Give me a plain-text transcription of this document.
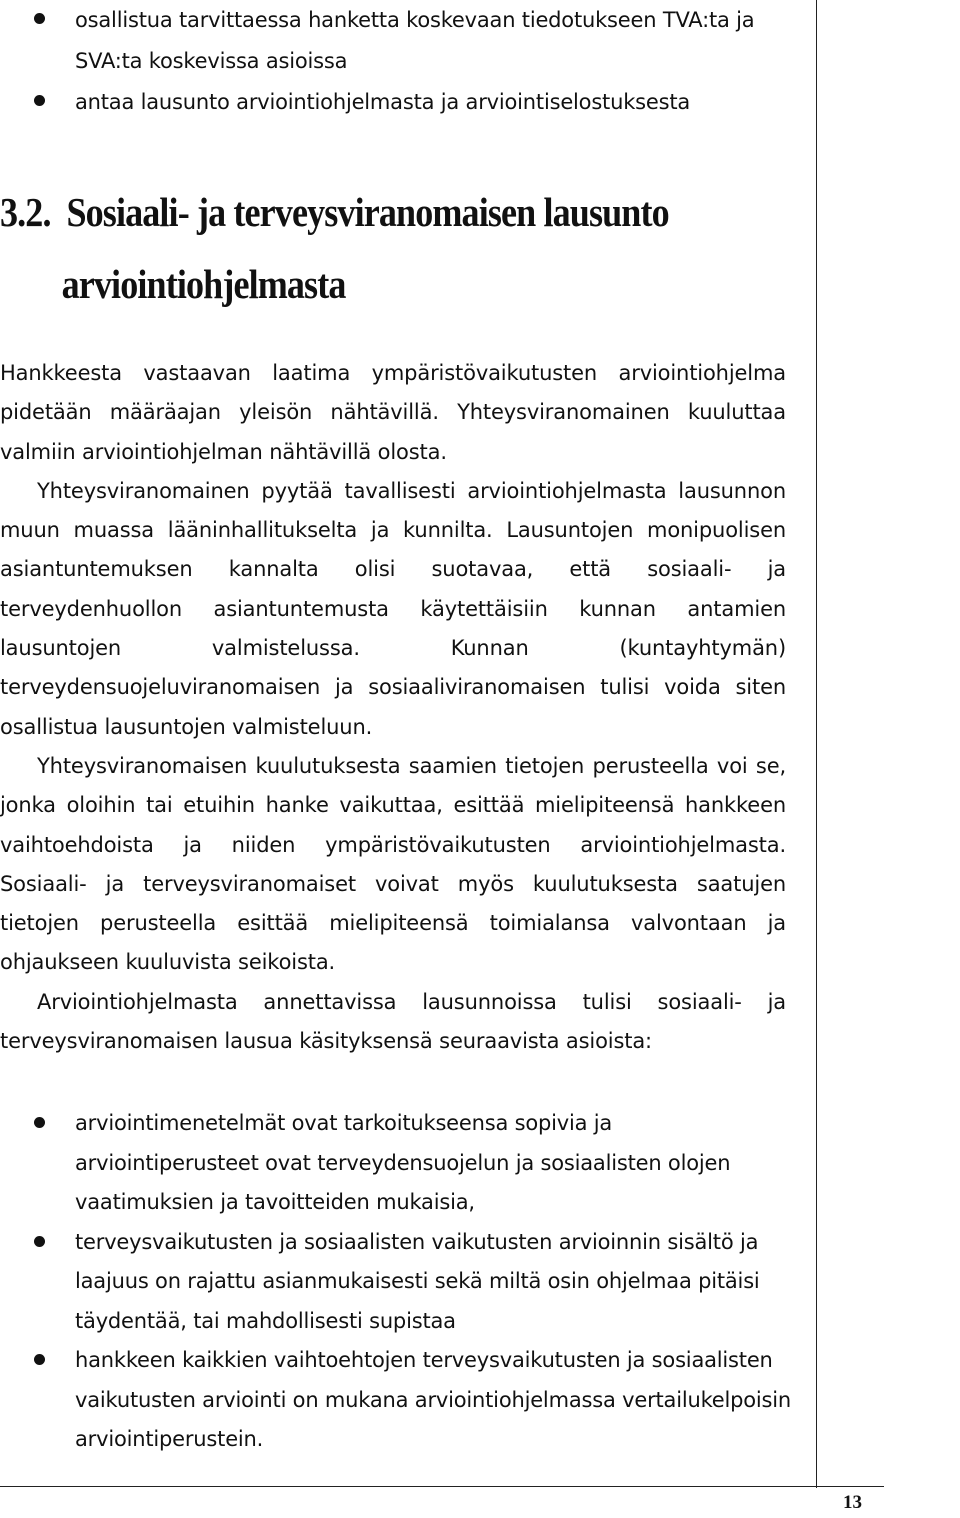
osallistua tarvittaessa hanketta koskevaan tiedotukseen TVA:ta ja SVA:ta koskevissa asioissa
antaa lausunto arviointiohjelmasta ja arviointiselostuksesta
3.2. Sosiaali- ja terveysviranomaisen lausunto
arviointiohjelmasta

Hankkeesta vastaavan laatima ympäristövaikutusten arviointiohjelma pidetään määräajan yleisön nähtävillä. Yhteysviranomainen kuuluttaa valmiin arviointiohjelman nähtävillä olosta.

Yhteysviranomainen pyytää tavallisesti arviointiohjelmasta lausunnon muun muassa lääninhallitukselta ja kunnilta. Lausuntojen monipuolisen asiantuntemuksen kannalta olisi suotavaa, että sosiaali- ja terveydenhuollon asiantuntemusta käytettäisiin kunnan antamien lausuntojen valmistelussa. Kunnan (kuntayhtymän) terveydensuojeluviranomaisen ja sosiaaliviranomaisen tulisi voida siten osallistua lausuntojen valmisteluun.

Yhteysviranomaisen kuulutuksesta saamien tietojen perusteella voi se, jonka oloihin tai etuihin hanke vaikuttaa, esittää mielipiteensä hankkeen vaihtoehdoista ja niiden ympäristövaikutusten arviointiohjelmasta. Sosiaali- ja terveysviranomaiset voivat myös kuulutuksesta saatujen tietojen perusteella esittää mielipiteensä toimialansa valvontaan ja ohjaukseen kuuluvista seikoista.

Arviointiohjelmasta annettavissa lausunnoissa tulisi sosiaali- ja terveysviranomaisen lausua käsityksensä seuraavista asioista:

arviointimenetelmät ovat tarkoitukseensa sopivia ja arviointiperusteet ovat terveydensuojelun ja sosiaalisten olojen vaatimuksien ja tavoitteiden mukaisia,
terveysvaikutusten ja sosiaalisten vaikutusten arvioinnin sisältö ja laajuus on rajattu asianmukaisesti sekä miltä osin ohjelmaa pitäisi täydentää, tai mahdollisesti supistaa
hankkeen kaikkien vaihtoehtojen terveysvaikutusten ja sosiaalisten vaikutusten arviointi on mukana arviointiohjelmassa vertailukelpoisin arviointiperustein.
13
